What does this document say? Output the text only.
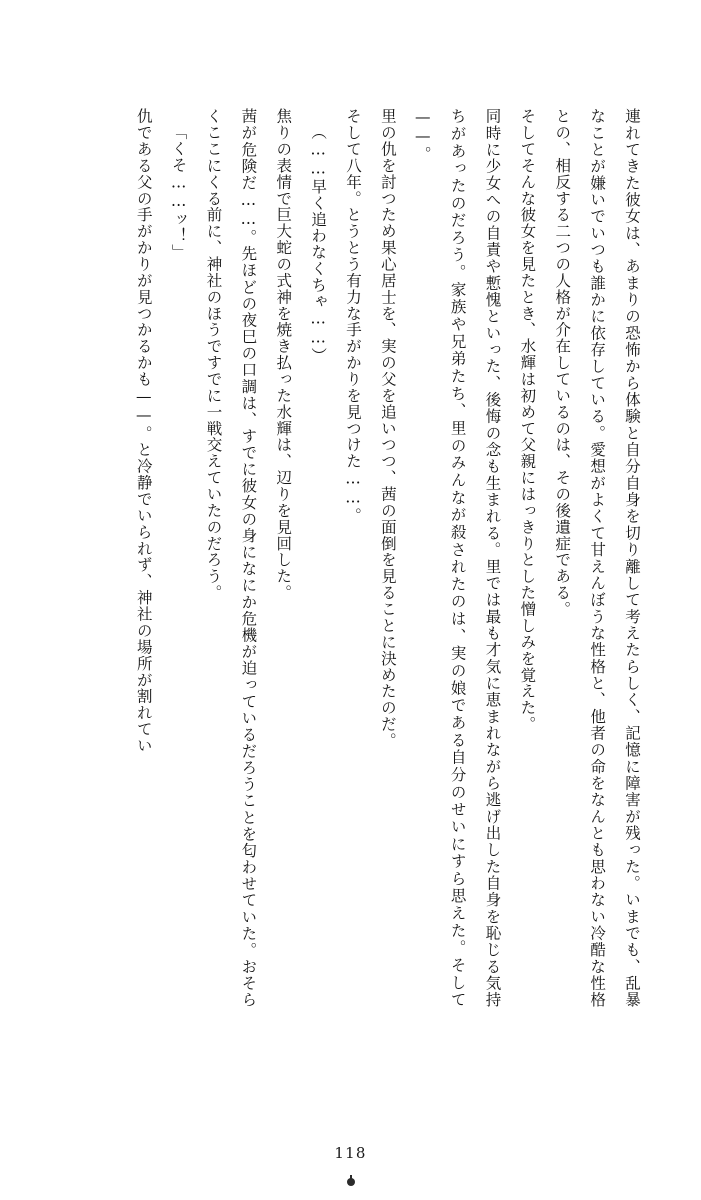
連れてきた彼女は、あまりの恐怖から体験と自分自身を切り離して考えたらしく、記憶に障害が残った。いまでも、乱暴なことが嫌いでいつも誰かに依存している。愛想がよくて甘えんぼうな性格と、他者の命をなんとも思わない冷酷な性格との、相反する二つの人格が介在しているのは、その後遺症である。

そしてそんな彼女を見たとき、水輝は初めて父親にはっきりとした憎しみを覚えた。

同時に少女への自責や慙愧といった、後悔の念も生まれる。里では最も才気に恵まれながら逃げ出した自身を恥じる気持ちがあったのだろう。家族や兄弟たち、里のみんなが殺されたのは、実の娘である自分のせいにすら思えた。そして——。

里の仇を討つため果心居士を、実の父を追いつつ、茜の面倒を見ることに決めたのだ。

そして八年。とうとう有力な手がかりを見つけた……。

（……早く追わなくちゃ……）

焦りの表情で巨大蛇の式神を焼き払った水輝は、辺りを見回した。

茜が危険だ……。先ほどの夜巳の口調は、すでに彼女の身になにか危機が迫っているだろうことを匂わせていた。おそらくここにくる前に、神社のほうですでに一戦交えていたのだろう。

「くそ……ッ！」

仇である父の手がかりが見つかるかも——。と冷静でいられず、神社の場所が割れてい

118
